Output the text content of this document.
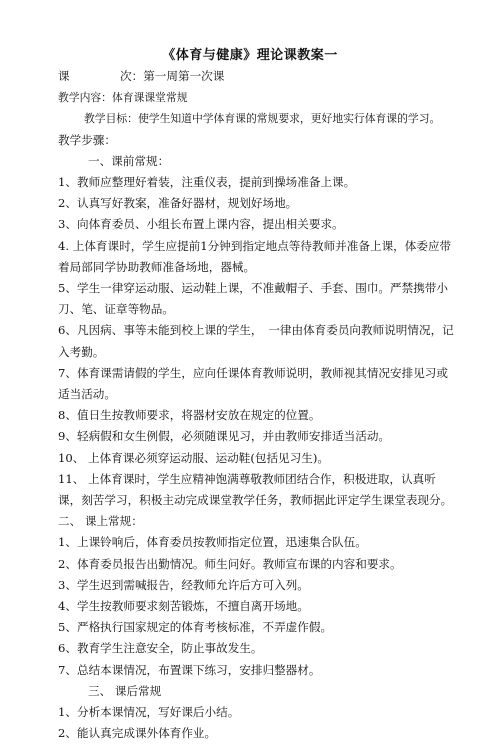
《体育与健康》理论课教案一
课	次：第一周第一次课
教学内容：体育课课堂常规
教学目标：使学生知道中学体育课的常规要求，更好地实行体育课的学习。
教学步骤：
一、课前常规：
1、教师应整理好着装，注重仪表，提前到操场准备上课。
2、认真写好教案，准备好器材，规划好场地。
3、向体育委员、小组长布置上课内容，提出相关要求。
4. 上体育课时，学生应提前1分钟到指定地点等待教师并准备上课，体委应带着局部同学协助教师准备场地，器械。
5、学生一律穿运动服、运动鞋上课，不准戴帽子、手套、围巾。严禁携带小刀、笔、证章等物品。
6、凡因病、事等未能到校上课的学生，　一律由体育委员向教师说明情况，记入考勤。
7、体育课需请假的学生，应向任课体育教师说明，教师视其情况安排见习或适当活动。
8、值日生按教师要求，将器材安放在规定的位置。
9、轻病假和女生例假，必须随课见习，并由教师安排适当活动。
10、 上体育课必须穿运动服、运动鞋(包括见习生)。
11、 上体育课时，学生应精神饱满尊敬教师团结合作，积极进取，认真听课，刻苦学习，积极主动完成课堂教学任务，教师据此评定学生课堂表现分。
二、 课上常规：
1、上课铃响后，体育委员按教师指定位置，迅速集合队伍。
2、体育委员报告出勤情况。师生问好。教师宣布课的内容和要求。
3、学生迟到需喊报告，经教师允许后方可入列。
4、学生按教师要求刻苦锻炼，不擅自离开场地。
5、严格执行国家规定的体育考核标准，不弄虚作假。
6、教育学生注意安全，防止事故发生。
7、总结本课情况，布置课下练习，安排归整器材。
三、 课后常规
1、分析本课情况，写好课后小结。
2、能认真完成课外体育作业。
